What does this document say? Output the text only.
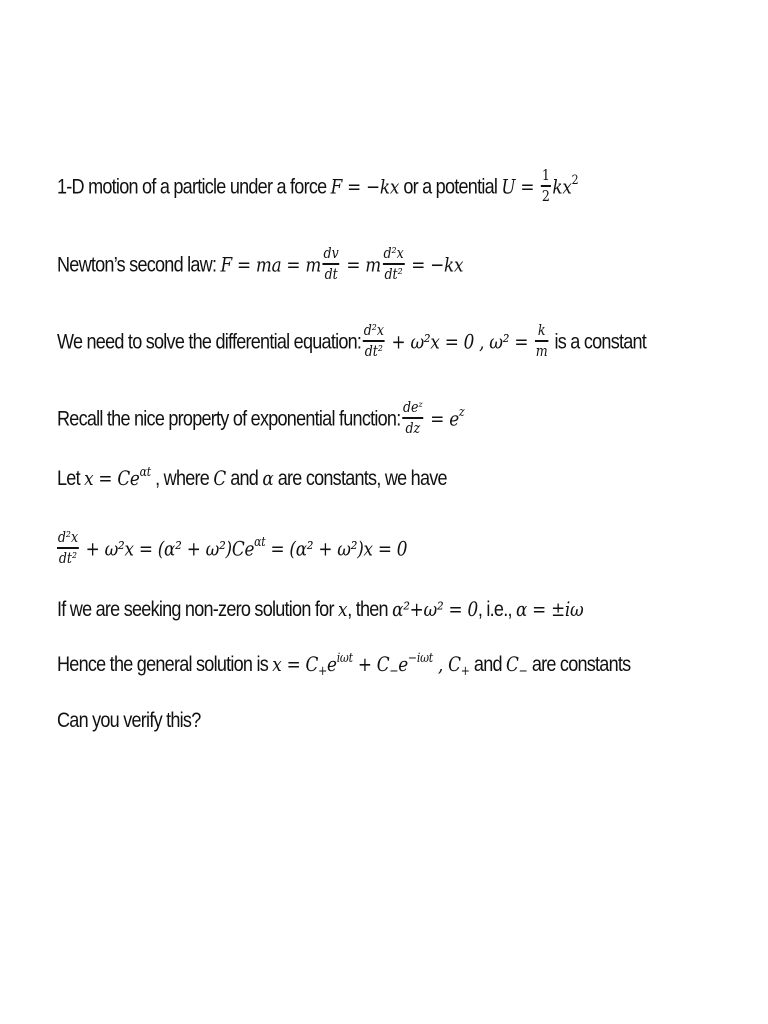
1-D motion of a particle under a force F = −kx or a potential $U = \frac{1}{2} kx^2$
Newton’s second law: F = ma = m $\frac{dv}{dt} = m \frac{\text{d²x}}{\text{dt²}} = -kx$
We need to solve the differential equation: $\frac{\text{d²x}}{\text{dt²}} + \omega^2x = 0$ , $\omega^2 = \frac{k}{m}$ is a constant
Recall the nice property of exponential function: $\frac{\text{deᶻ}}{dz} = e^z$
Let $x = Ce^{\alpha t}$ , where C and α are constants, we have
$\frac{\text{d²x}}{\text{dt²}} + \omega^2x = (\alpha^2 + \omega^2)Ce^{\alpha t} = (\alpha^2 + \omega^2)x = 0$
If we are seeking non-zero solution for x, then α²+ω² = 0, i.e., α = ±iω
Hence the general solution is $x = C+e^{i\omega t} + C-e^{-i\omega t}$ , C+ and C− are constants
Can you verify this?
